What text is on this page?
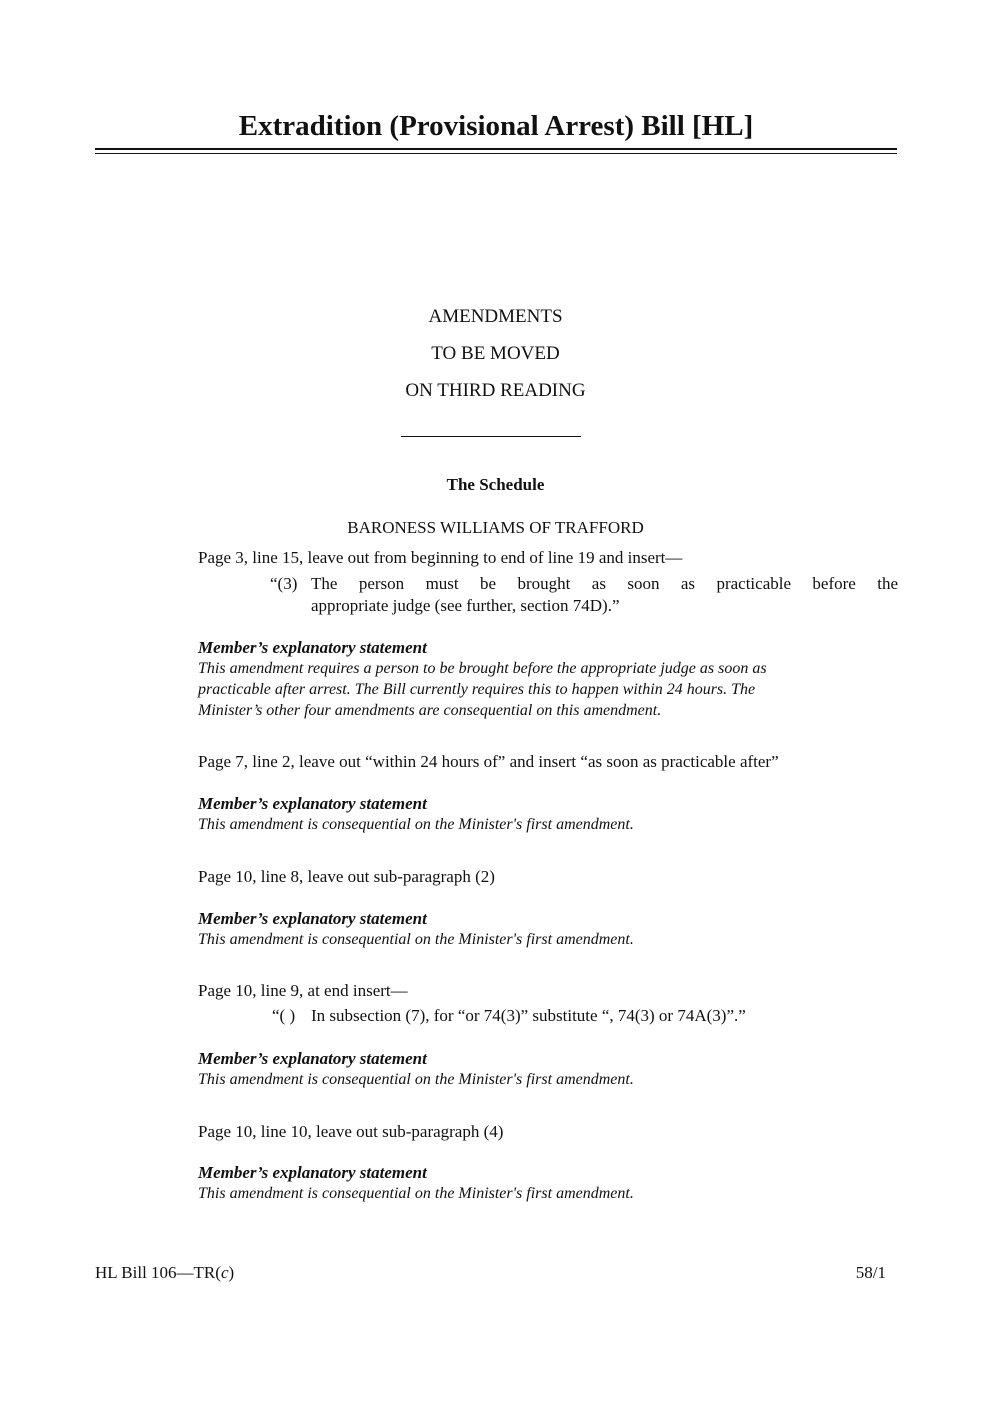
Extradition (Provisional Arrest) Bill [HL]
AMENDMENTS
TO BE MOVED
ON THIRD READING
The Schedule
BARONESS WILLIAMS OF TRAFFORD
Page 3, line 15, leave out from beginning to end of line 19 and insert—
“(3) The person must be brought as soon as practicable before the
appropriate judge (see further, section 74D).”
Member’s explanatory statement
This amendment requires a person to be brought before the appropriate judge as soon as
practicable after arrest. The Bill currently requires this to happen within 24 hours. The
Minister’s other four amendments are consequential on this amendment.
Page 7, line 2, leave out “within 24 hours of” and insert “as soon as practicable after”
Member’s explanatory statement
This amendment is consequential on the Minister's first amendment.
Page 10, line 8, leave out sub-paragraph (2)
Member’s explanatory statement
This amendment is consequential on the Minister's first amendment.
Page 10, line 9, at end insert—
“( ) In subsection (7), for “or 74(3)” substitute “, 74(3) or 74A(3)”.”
Member’s explanatory statement
This amendment is consequential on the Minister's first amendment.
Page 10, line 10, leave out sub-paragraph (4)
Member’s explanatory statement
This amendment is consequential on the Minister's first amendment.
HL Bill 106—TR(c)	58/1
